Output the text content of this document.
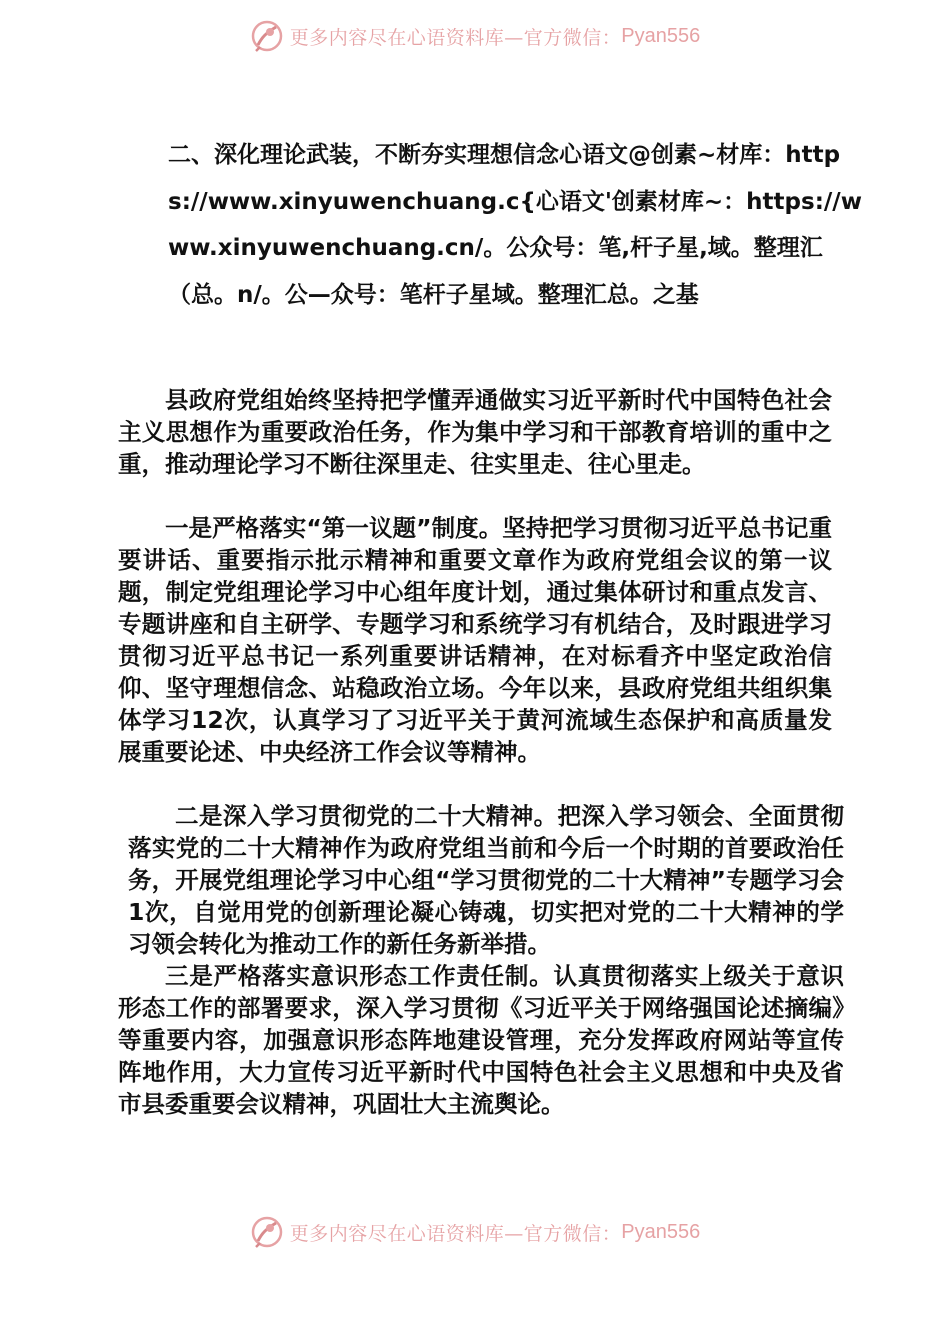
更多内容尽在心语资料库—官方微信： Pyan556
二、深化理论武装，不断夯实理想信念心语文@创素~材库：https://www.xinyuwenchuang.c{心语文'创素材库~：https://www.xinyuwenchuang.cn/。公众号：笔,杆子星,域。整理汇（总。n/。公—众号：笔杆子星域。整理汇总。之基

县政府党组始终坚持把学懂弄通做实习近平新时代中国特色社会主义思想作为重要政治任务，作为集中学习和干部教育培训的重中之重，推动理论学习不断往深里走、往实里走、往心里走。

一是严格落实“第一议题”制度。坚持把学习贯彻习近平总书记重要讲话、重要指示批示精神和重要文章作为政府党组会议的第一议题，制定党组理论学习中心组年度计划，通过集体研讨和重点发言、专题讲座和自主研学、专题学习和系统学习有机结合，及时跟进学习贯彻习近平总书记一系列重要讲话精神，在对标看齐中坚定政治信仰、坚守理想信念、站稳政治立场。今年以来，县政府党组共组织集体学习12次，认真学习了习近平关于黄河流域生态保护和高质量发展重要论述、中央经济工作会议等精神。

二是深入学习贯彻党的二十大精神。把深入学习领会、全面贯彻落实党的二十大精神作为政府党组当前和今后一个时期的首要政治任务，开展党组理论学习中心组“学习贯彻党的二十大精神”专题学习会1次，自觉用党的创新理论凝心铸魂，切实把对党的二十大精神的学习领会转化为推动工作的新任务新举措。

三是严格落实意识形态工作责任制。认真贯彻落实上级关于意识形态工作的部署要求，深入学习贯彻《习近平关于网络强国论述摘编》等重要内容，加强意识形态阵地建设管理，充分发挥政府网站等宣传阵地作用，大力宣传习近平新时代中国特色社会主义思想和中央及省市县委重要会议精神，巩固壮大主流舆论。

更多内容尽在心语资料库—官方微信： Pyan556
